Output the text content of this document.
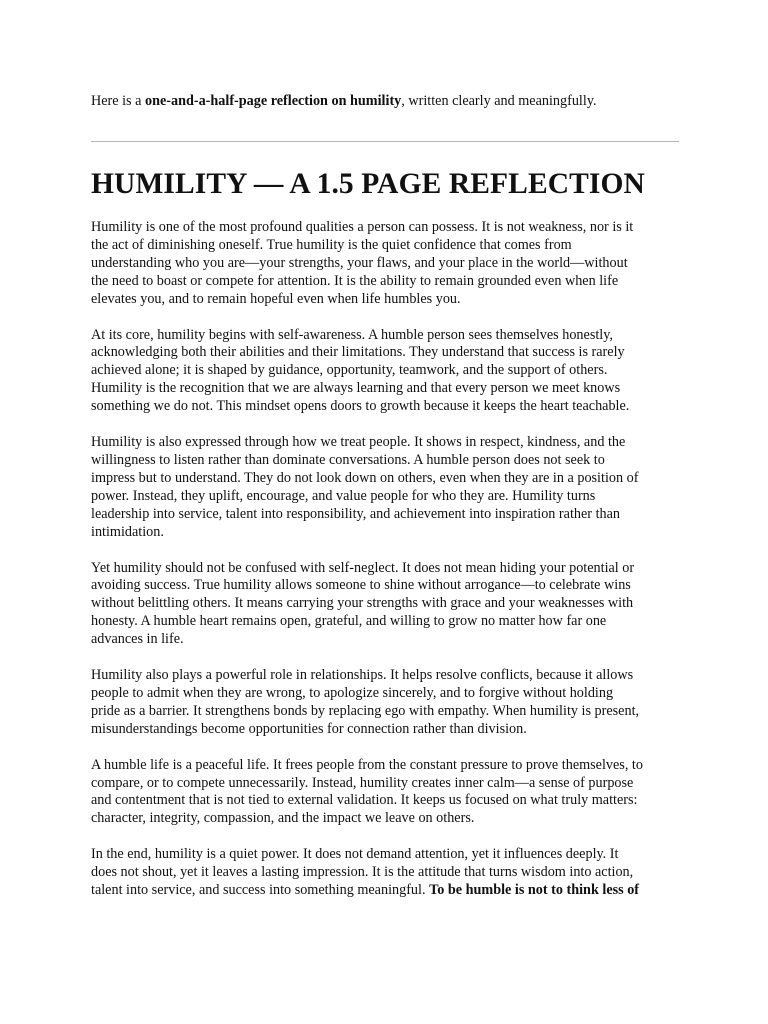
Here is a one-and-a-half-page reflection on humility, written clearly and meaningfully.
HUMILITY — A 1.5 PAGE REFLECTION

Humility is one of the most profound qualities a person can possess. It is not weakness, nor is it
the act of diminishing oneself. True humility is the quiet confidence that comes from
understanding who you are—your strengths, your flaws, and your place in the world—without
the need to boast or compete for attention. It is the ability to remain grounded even when life
elevates you, and to remain hopeful even when life humbles you.

At its core, humility begins with self-awareness. A humble person sees themselves honestly,
acknowledging both their abilities and their limitations. They understand that success is rarely
achieved alone; it is shaped by guidance, opportunity, teamwork, and the support of others.
Humility is the recognition that we are always learning and that every person we meet knows
something we do not. This mindset opens doors to growth because it keeps the heart teachable.

Humility is also expressed through how we treat people. It shows in respect, kindness, and the
willingness to listen rather than dominate conversations. A humble person does not seek to
impress but to understand. They do not look down on others, even when they are in a position of
power. Instead, they uplift, encourage, and value people for who they are. Humility turns
leadership into service, talent into responsibility, and achievement into inspiration rather than
intimidation.

Yet humility should not be confused with self-neglect. It does not mean hiding your potential or
avoiding success. True humility allows someone to shine without arrogance—to celebrate wins
without belittling others. It means carrying your strengths with grace and your weaknesses with
honesty. A humble heart remains open, grateful, and willing to grow no matter how far one
advances in life.

Humility also plays a powerful role in relationships. It helps resolve conflicts, because it allows
people to admit when they are wrong, to apologize sincerely, and to forgive without holding
pride as a barrier. It strengthens bonds by replacing ego with empathy. When humility is present,
misunderstandings become opportunities for connection rather than division.

A humble life is a peaceful life. It frees people from the constant pressure to prove themselves, to
compare, or to compete unnecessarily. Instead, humility creates inner calm—a sense of purpose
and contentment that is not tied to external validation. It keeps us focused on what truly matters:
character, integrity, compassion, and the impact we leave on others.

In the end, humility is a quiet power. It does not demand attention, yet it influences deeply. It
does not shout, yet it leaves a lasting impression. It is the attitude that turns wisdom into action,
talent into service, and success into something meaningful. To be humble is not to think less of
